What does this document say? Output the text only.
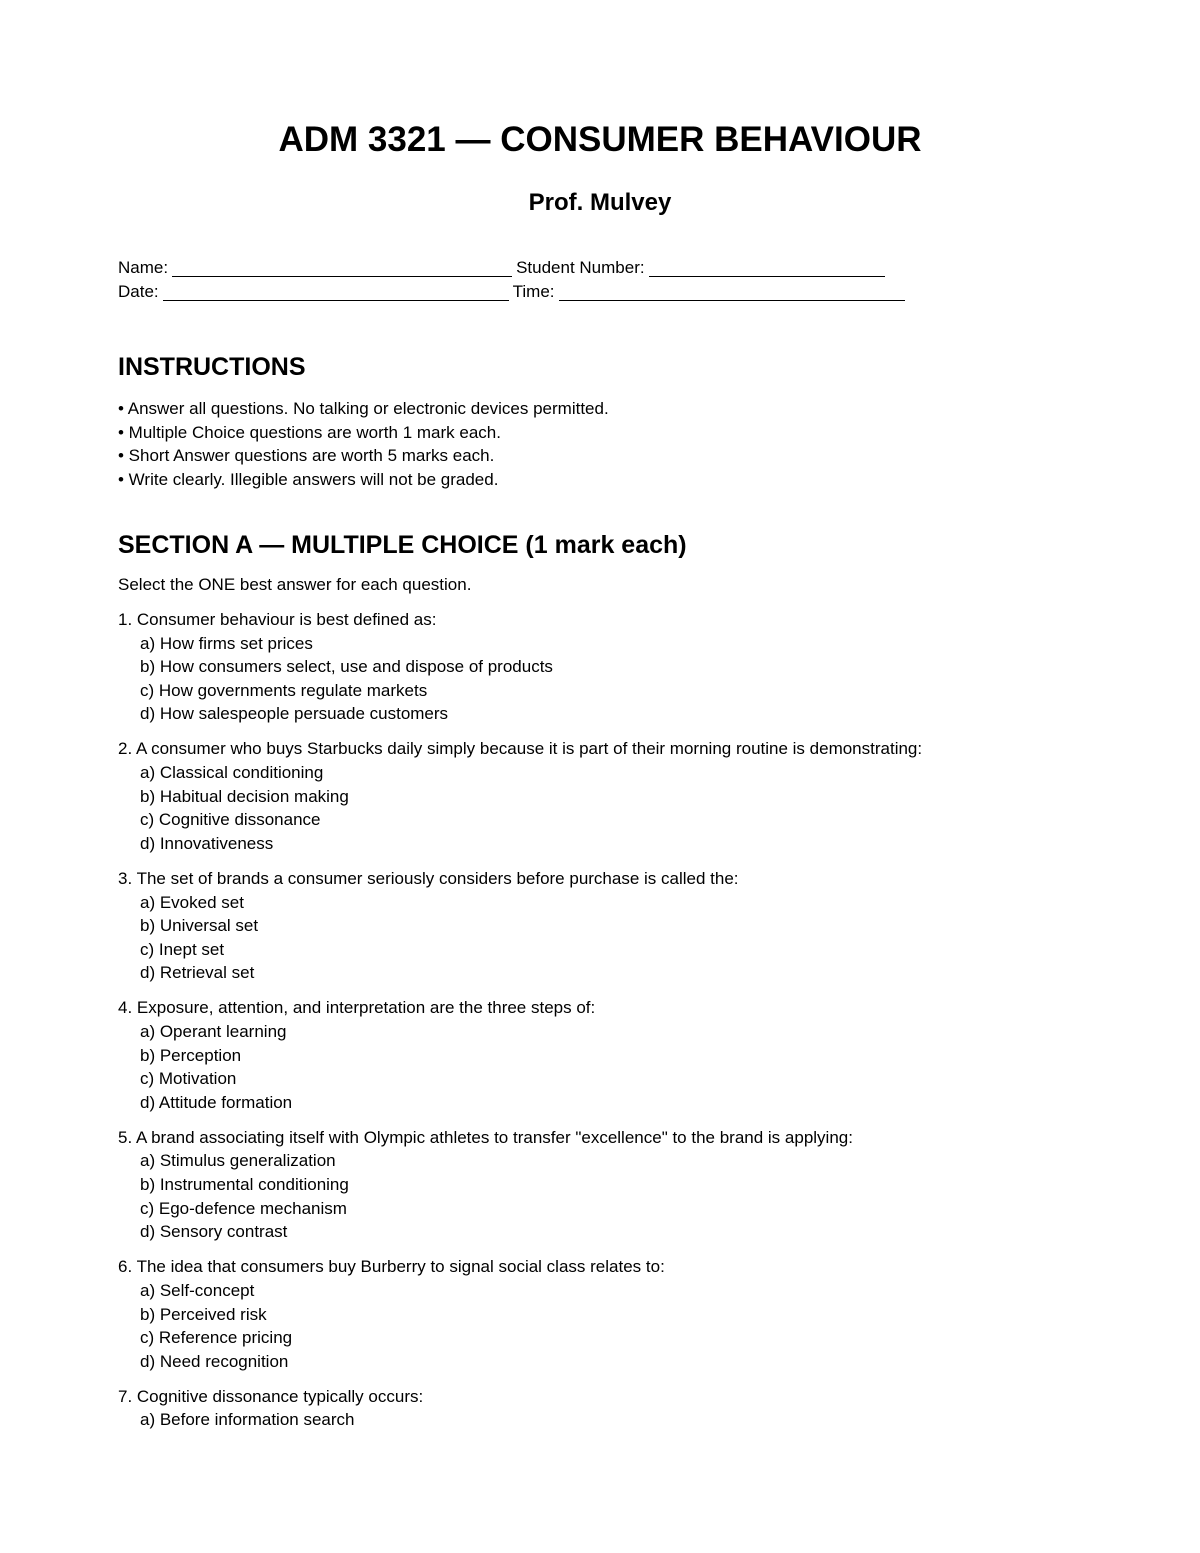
ADM 3321 — CONSUMER BEHAVIOUR
Prof. Mulvey
Name:	Student Number:
Date:	Time:
INSTRUCTIONS
• Answer all questions. No talking or electronic devices permitted.
• Multiple Choice questions are worth 1 mark each.
• Short Answer questions are worth 5 marks each.
• Write clearly. Illegible answers will not be graded.
SECTION A — MULTIPLE CHOICE (1 mark each)
Select the ONE best answer for each question.
1. Consumer behaviour is best defined as:
a) How firms set prices
b) How consumers select, use and dispose of products
c) How governments regulate markets
d) How salespeople persuade customers
2. A consumer who buys Starbucks daily simply because it is part of their morning routine is demonstrating:
a) Classical conditioning
b) Habitual decision making
c) Cognitive dissonance
d) Innovativeness
3. The set of brands a consumer seriously considers before purchase is called the:
a) Evoked set
b) Universal set
c) Inept set
d) Retrieval set
4. Exposure, attention, and interpretation are the three steps of:
a) Operant learning
b) Perception
c) Motivation
d) Attitude formation
5. A brand associating itself with Olympic athletes to transfer "excellence" to the brand is applying:
a) Stimulus generalization
b) Instrumental conditioning
c) Ego-defence mechanism
d) Sensory contrast
6. The idea that consumers buy Burberry to signal social class relates to:
a) Self-concept
b) Perceived risk
c) Reference pricing
d) Need recognition
7. Cognitive dissonance typically occurs:
a) Before information search
